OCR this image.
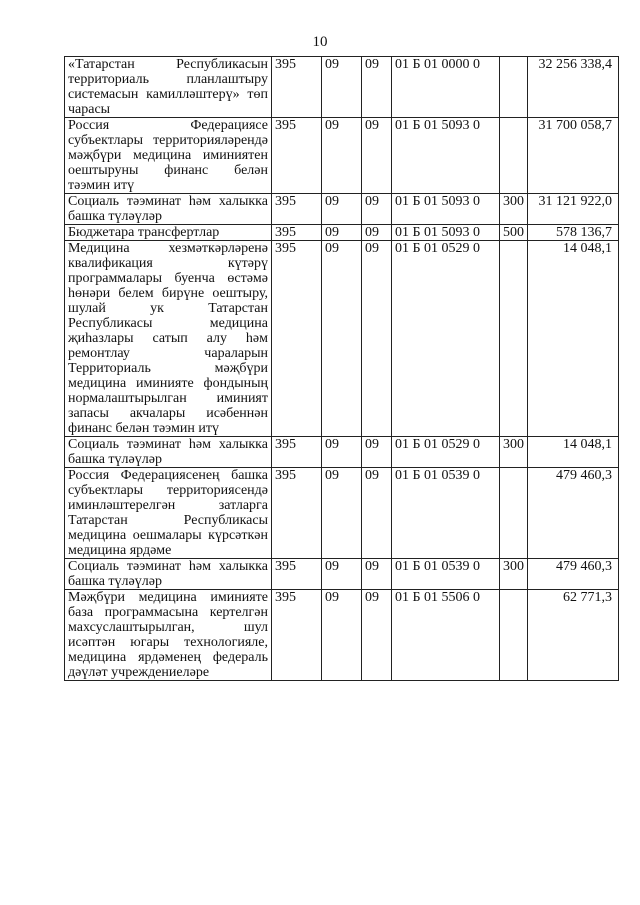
10
«Татарстан Республикасын территориаль планлаштыру системасын камиллəштерү» төп чарасы	395	09	09	01 Б 01 0000 0		32 256 338,4
Россия Федерациясе субъектлары территориялəрендə мəҗбүри медицина иминиятен оештыруны финанс белəн тəэмин итү	395	09	09	01 Б 01 5093 0		31 700 058,7
Социаль тəэминат һəм халыкка башка түлəүлəр	395	09	09	01 Б 01 5093 0	300	31 121 922,0
Бюджетара трансфертлар	395	09	09	01 Б 01 5093 0	500	578 136,7
Медицина хезмəткəрлəренə квалификация күтəрү программалары буенча өстəмə һөнəри белем бирүне оештыру, шулай ук Татарстан Республикасы медицина җиһазлары сатып алу һəм ремонтлау чараларын Территориаль мəҗбүри медицина иминияте фондының нормалаштырылган иминият запасы акчалары исəбеннəн финанс белəн тəэмин итү	395	09	09	01 Б 01 0529 0		14 048,1
Социаль тəэминат һəм халыкка башка түлəүлəр	395	09	09	01 Б 01 0529 0	300	14 048,1
Россия Федерациясенең башка субъектлары территориясендə иминлəштерелгəн затларга Татарстан Республикасы медицина оешмалары күрсəткəн медицина ярдəме	395	09	09	01 Б 01 0539 0		479 460,3
Социаль тəэминат һəм халыкка башка түлəүлəр	395	09	09	01 Б 01 0539 0	300	479 460,3
Мəҗбүри медицина иминияте база программасына кертелгəн махсуслаштырылган, шул исəптəн югары технологияле, медицина ярдəменең федераль дəүлəт учреждениелəре	395	09	09	01 Б 01 5506 0		62 771,3
